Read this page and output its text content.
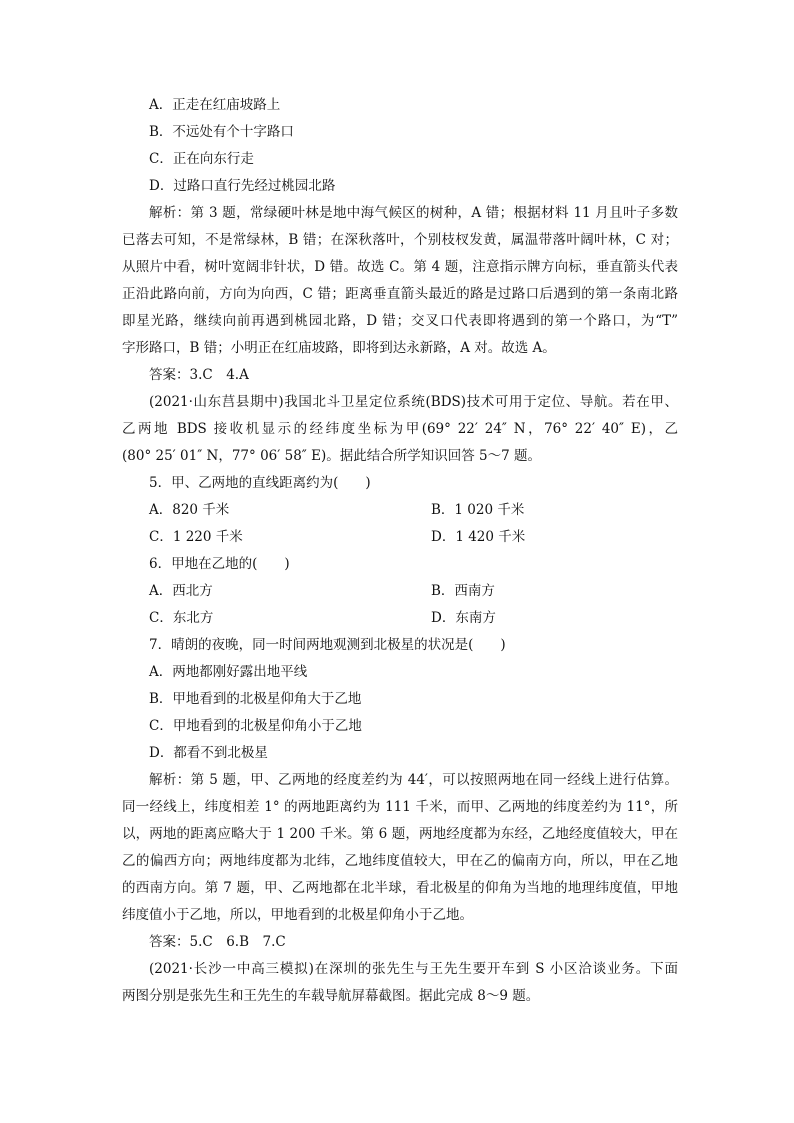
A．正走在红庙坡路上
B．不远处有个十字路口
C．正在向东行走
D．过路口直行先经过桃园北路
解析：第 3 题，常绿硬叶林是地中海气候区的树种，A 错；根据材料 11 月且叶子多数
已落去可知，不是常绿林，B 错；在深秋落叶，个别枝杈发黄，属温带落叶阔叶林，C 对；
从照片中看，树叶宽阔非针状，D 错。故选 C。第 4 题，注意指示牌方向标，垂直箭头代表
正沿此路向前，方向为向西，C 错；距离垂直箭头最近的路是过路口后遇到的第一条南北路
即星光路，继续向前再遇到桃园北路，D 错；交叉口代表即将遇到的第一个路口，为“T”
字形路口，B 错；小明正在红庙坡路，即将到达永新路，A 对。故选 A。
答案：3.C　4.A
(2021·山东莒县期中)我国北斗卫星定位系统(BDS)技术可用于定位、导航。若在甲、
乙两地 BDS 接收机显示的经纬度坐标为甲(69° 22′ 24″ N，76° 22′ 40″ E)，乙
(80° 25′ 01″ N，77° 06′ 58″ E)。据此结合所学知识回答 5～7 题。
5．甲、乙两地的直线距离约为(　　)
A．820 千米	B．1 020 千米
C．1 220 千米	D．1 420 千米
6．甲地在乙地的(　　)
A．西北方	B．西南方
C．东北方	D．东南方
7．晴朗的夜晚，同一时间两地观测到北极星的状况是(　　)
A．两地都刚好露出地平线
B．甲地看到的北极星仰角大于乙地
C．甲地看到的北极星仰角小于乙地
D．都看不到北极星
解析：第 5 题，甲、乙两地的经度差约为 44′，可以按照两地在同一经线上进行估算。
同一经线上，纬度相差 1° 的两地距离约为 111 千米，而甲、乙两地的纬度差约为 11°，所
以，两地的距离应略大于 1 200 千米。第 6 题，两地经度都为东经，乙地经度值较大，甲在
乙的偏西方向；两地纬度都为北纬，乙地纬度值较大，甲在乙的偏南方向，所以，甲在乙地
的西南方向。第 7 题，甲、乙两地都在北半球，看北极星的仰角为当地的地理纬度值，甲地
纬度值小于乙地，所以，甲地看到的北极星仰角小于乙地。
答案：5.C　6.B　7.C
(2021·长沙一中高三模拟)在深圳的张先生与王先生要开车到 S 小区洽谈业务。下面
两图分别是张先生和王先生的车载导航屏幕截图。据此完成 8～9 题。
